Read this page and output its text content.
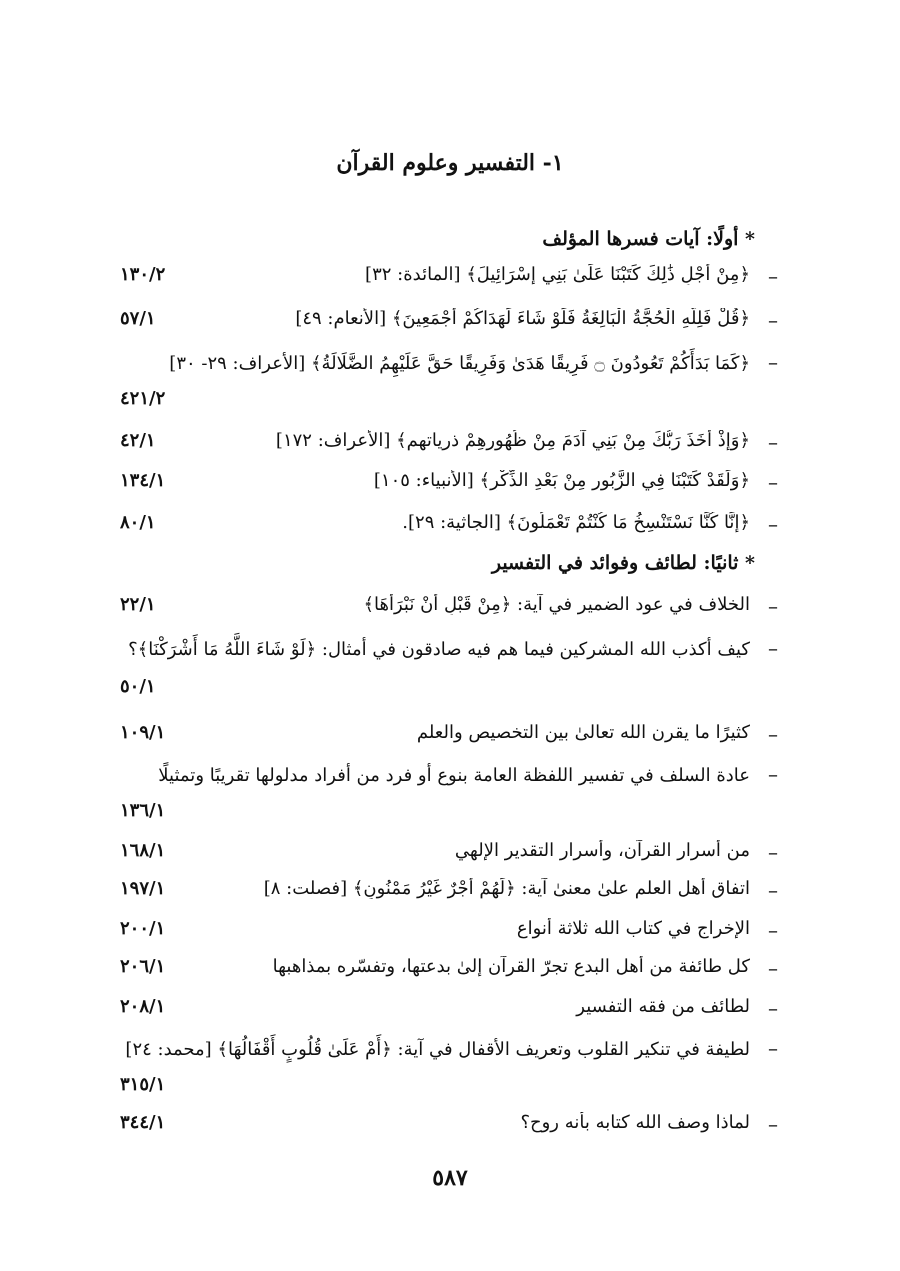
١- التفسير وعلوم القرآن
* أولًا: آيات فسرها المؤلف
–
﴿مِنْ أَجْلِ ذَٰلِكَ كَتَبْنَا عَلَىٰ بَنِي إِسْرَائِيلَ﴾ [المائدة: ٣٢]
١٣٠/٢
–
﴿قُلْ فَلِلَّهِ الْحُجَّةُ الْبَالِغَةُ فَلَوْ شَاءَ لَهَدَاكُمْ أَجْمَعِينَ﴾ [الأنعام: ٤٩]
٥٧/١
–
﴿كَمَا بَدَأَكُمْ تَعُودُونَ ۝ فَرِيقًا هَدَىٰ وَفَرِيقًا حَقَّ عَلَيْهِمُ الضَّلَالَةُ﴾ [الأعراف: ٢٩- ٣٠]
٤٢١/٢
–
﴿وَإِذْ أَخَذَ رَبُّكَ مِنْ بَنِي آدَمَ مِنْ ظُهُورِهِمْ ذرياتهم﴾ [الأعراف: ١٧٢]
٤٢/١
–
﴿وَلَقَدْ كَتَبْنَا فِي الزَّبُورِ مِنْ بَعْدِ الذِّكْرِ﴾ [الأنبياء: ١٠٥]
١٣٤/١
–
﴿إِنَّا كُنَّا نَسْتَنْسِخُ مَا كُنْتُمْ تَعْمَلُونَ﴾ [الجاثية: ٢٩].
٨٠/١
* ثانيًا: لطائف وفوائد في التفسير
–
الخلاف في عود الضمير في آية: ﴿مِنْ قَبْلِ أَنْ نَبْرَأَهَا﴾
٢٢/١
–
كيف أكذب الله المشركين فيما هم فيه صادقون في أمثال: ﴿لَوْ شَاءَ اللَّهُ مَا أَشْرَكْنَا﴾؟
٥٠/١
–
كثيرًا ما يقرن الله تعالىٰ بين التخصيص والعلم
١٠٩/١
–
عادة السلف في تفسير اللفظة العامة بنوع أو فرد من أفراد مدلولها تقريبًا وتمثيلًا
١٣٦/١
–
من أسرار القرآن، وأسرار التقدير الإلهي
١٦٨/١
–
اتفاق أهل العلم علىٰ معنىٰ آية: ﴿لَهُمْ أَجْرٌ غَيْرُ مَمْنُونٍ﴾ [فصلت: ٨]
١٩٧/١
–
الإخراج في كتاب الله ثلاثة أنواع
٢٠٠/١
–
كل طائفة من أهل البدع تجرّ القرآن إلىٰ بدعتها، وتفسّره بمذاهبها
٢٠٦/١
–
لطائف من فقه التفسير
٢٠٨/١
–
لطيفة في تنكير القلوب وتعريف الأقفال في آية: ﴿أَمْ عَلَىٰ قُلُوبٍ أَقْفَالُهَا﴾ [محمد: ٢٤]
٣١٥/١
–
لماذا وصف الله كتابه بأنه روح؟
٣٤٤/١
٥٨٧
